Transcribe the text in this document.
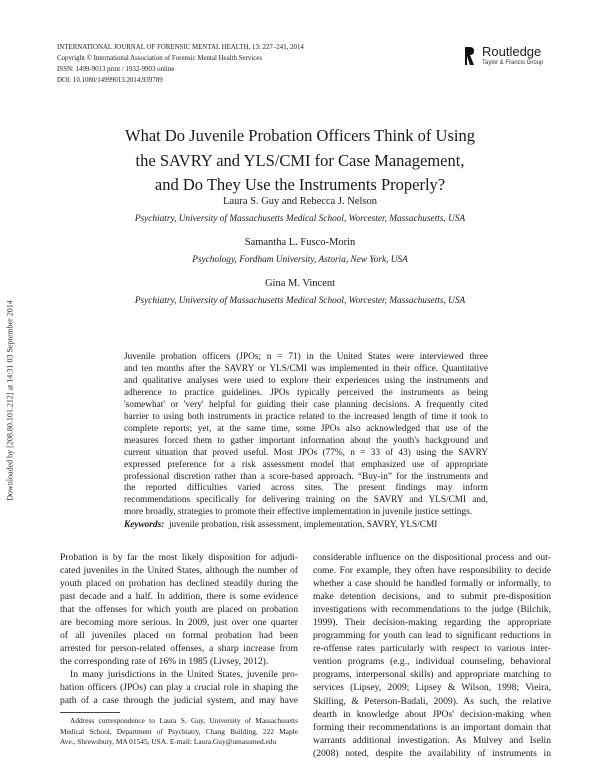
INTERNATIONAL JOURNAL OF FORENSIC MENTAL HEALTH, 13: 227–241, 2014
Copyright © International Association of Forensic Mental Health Services
ISSN: 1499-9013 print / 1932-9903 online
DOI: 10.1080/14999013.2014.939789
Routledge
Taylor & Francis Group
Downloaded by [208.80.101.212] at 14:31 03 September 2014
What Do Juvenile Probation Officers Think of Using
the SAVRY and YLS/CMI for Case Management,
and Do They Use the Instruments Properly?
Laura S. Guy and Rebecca J. Nelson
Psychiatry, University of Massachusetts Medical School, Worcester, Massachusetts, USA
Samantha L. Fusco-Morin
Psychology, Fordham University, Astoria, New York, USA
Gina M. Vincent
Psychiatry, University of Massachusetts Medical School, Worcester, Massachusetts, USA
Juvenile probation officers (JPOs; n = 71) in the United States were interviewed three
and ten months after the SAVRY or YLS/CMI was implemented in their office. Quantitative
and qualitative analyses were used to explore their experiences using the instruments and
adherence to practice guidelines. JPOs typically perceived the instruments as being
'somewhat' or 'very' helpful for guiding their case planning decisions. A frequently cited
barrier to using both instruments in practice related to the increased length of time it took to
complete reports; yet, at the same time, some JPOs also acknowledged that use of the
measures forced them to gather important information about the youth's background and
current situation that proved useful. Most JPOs (77%, n = 33 of 43) using the SAVRY
expressed preference for a risk assessment model that emphasized use of appropriate
professional discretion rather than a score-based approach. “Buy-in” for the instruments and
the reported difficulties varied across sites. The present findings may inform
recommendations specifically for delivering training on the SAVRY and YLS/CMI and,
more broadly, strategies to promote their effective implementation in juvenile justice settings.
Keywords: juvenile probation, risk assessment, implementation, SAVRY, YLS/CMI
Probation is by far the most likely disposition for adjudi-
cated juveniles in the United States, although the number of
youth placed on probation has declined steadily during the
past decade and a half. In addition, there is some evidence
that the offenses for which youth are placed on probation
are becoming more serious. In 2009, just over one quarter
of all juveniles placed on formal probation had been
arrested for person-related offenses, a sharp increase from
the corresponding rate of 16% in 1985 (Livsey, 2012).
In many jurisdictions in the United States, juvenile pro-
bation officers (JPOs) can play a crucial role in shaping the
path of a case through the judicial system, and may have
considerable influence on the dispositional process and out-
come. For example, they often have responsibility to decide
whether a case should be handled formally or informally, to
make detention decisions, and to submit pre-disposition
investigations with recommendations to the judge (Bilchik,
1999). Their decision-making regarding the appropriate
programming for youth can lead to significant reductions in
re-offense rates particularly with respect to various inter-
vention programs (e.g., individual counseling, behavioral
programs, interpersonal skills) and appropriate matching to
services (Lipsey, 2009; Lipsey & Wilson, 1998; Vieira,
Skilling, & Peterson-Badali, 2009). As such, the relative
dearth in knowledge about JPOs' decision-making when
forming their recommendations is an important domain that
warrants additional investigation. As Mulvey and Iselin
(2008) noted, despite the availability of instruments in
Address correspondence to Laura S. Guy, University of Massachusetts
Medical School, Department of Psychiatry, Chang Building, 222 Maple
Ave., Shrewsbury, MA 01545, USA. E-mail: Laura.Guy@umassmed.edu
